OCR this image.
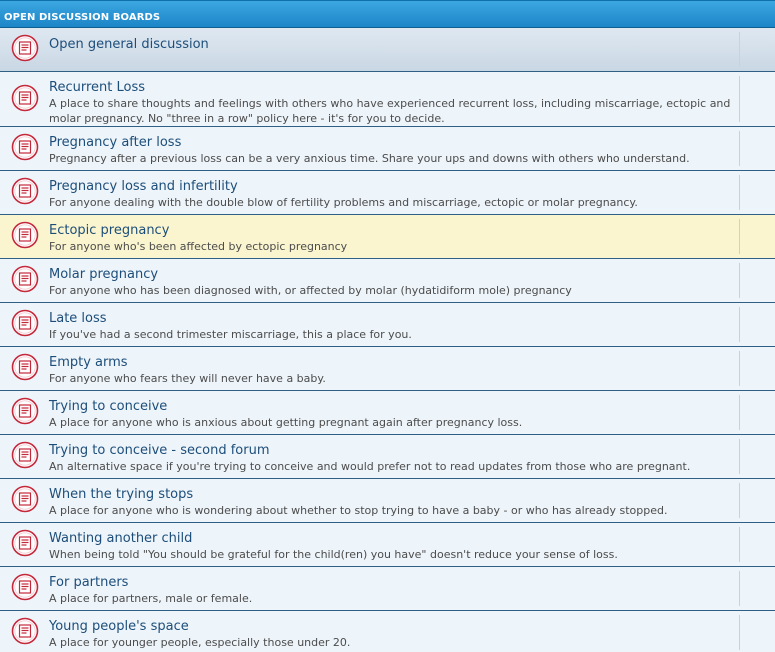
OPEN DISCUSSION BOARDS
Open general discussion
Recurrent Loss
A place to share thoughts and feelings with others who have experienced recurrent loss, including miscarriage, ectopic and molar pregnancy. No "three in a row" policy here - it's for you to decide.
Pregnancy after loss
Pregnancy after a previous loss can be a very anxious time. Share your ups and downs with others who understand.
Pregnancy loss and infertility
For anyone dealing with the double blow of fertility problems and miscarriage, ectopic or molar pregnancy.
Ectopic pregnancy
For anyone who's been affected by ectopic pregnancy
Molar pregnancy
For anyone who has been diagnosed with, or affected by molar (hydatidiform mole) pregnancy
Late loss
If you've had a second trimester miscarriage, this a place for you.
Empty arms
For anyone who fears they will never have a baby.
Trying to conceive
A place for anyone who is anxious about getting pregnant again after pregnancy loss.
Trying to conceive - second forum
An alternative space if you're trying to conceive and would prefer not to read updates from those who are pregnant.
When the trying stops
A place for anyone who is wondering about whether to stop trying to have a baby - or who has already stopped.
Wanting another child
When being told "You should be grateful for the child(ren) you have" doesn't reduce your sense of loss.
For partners
A place for partners, male or female.
Young people's space
A place for younger people, especially those under 20.
